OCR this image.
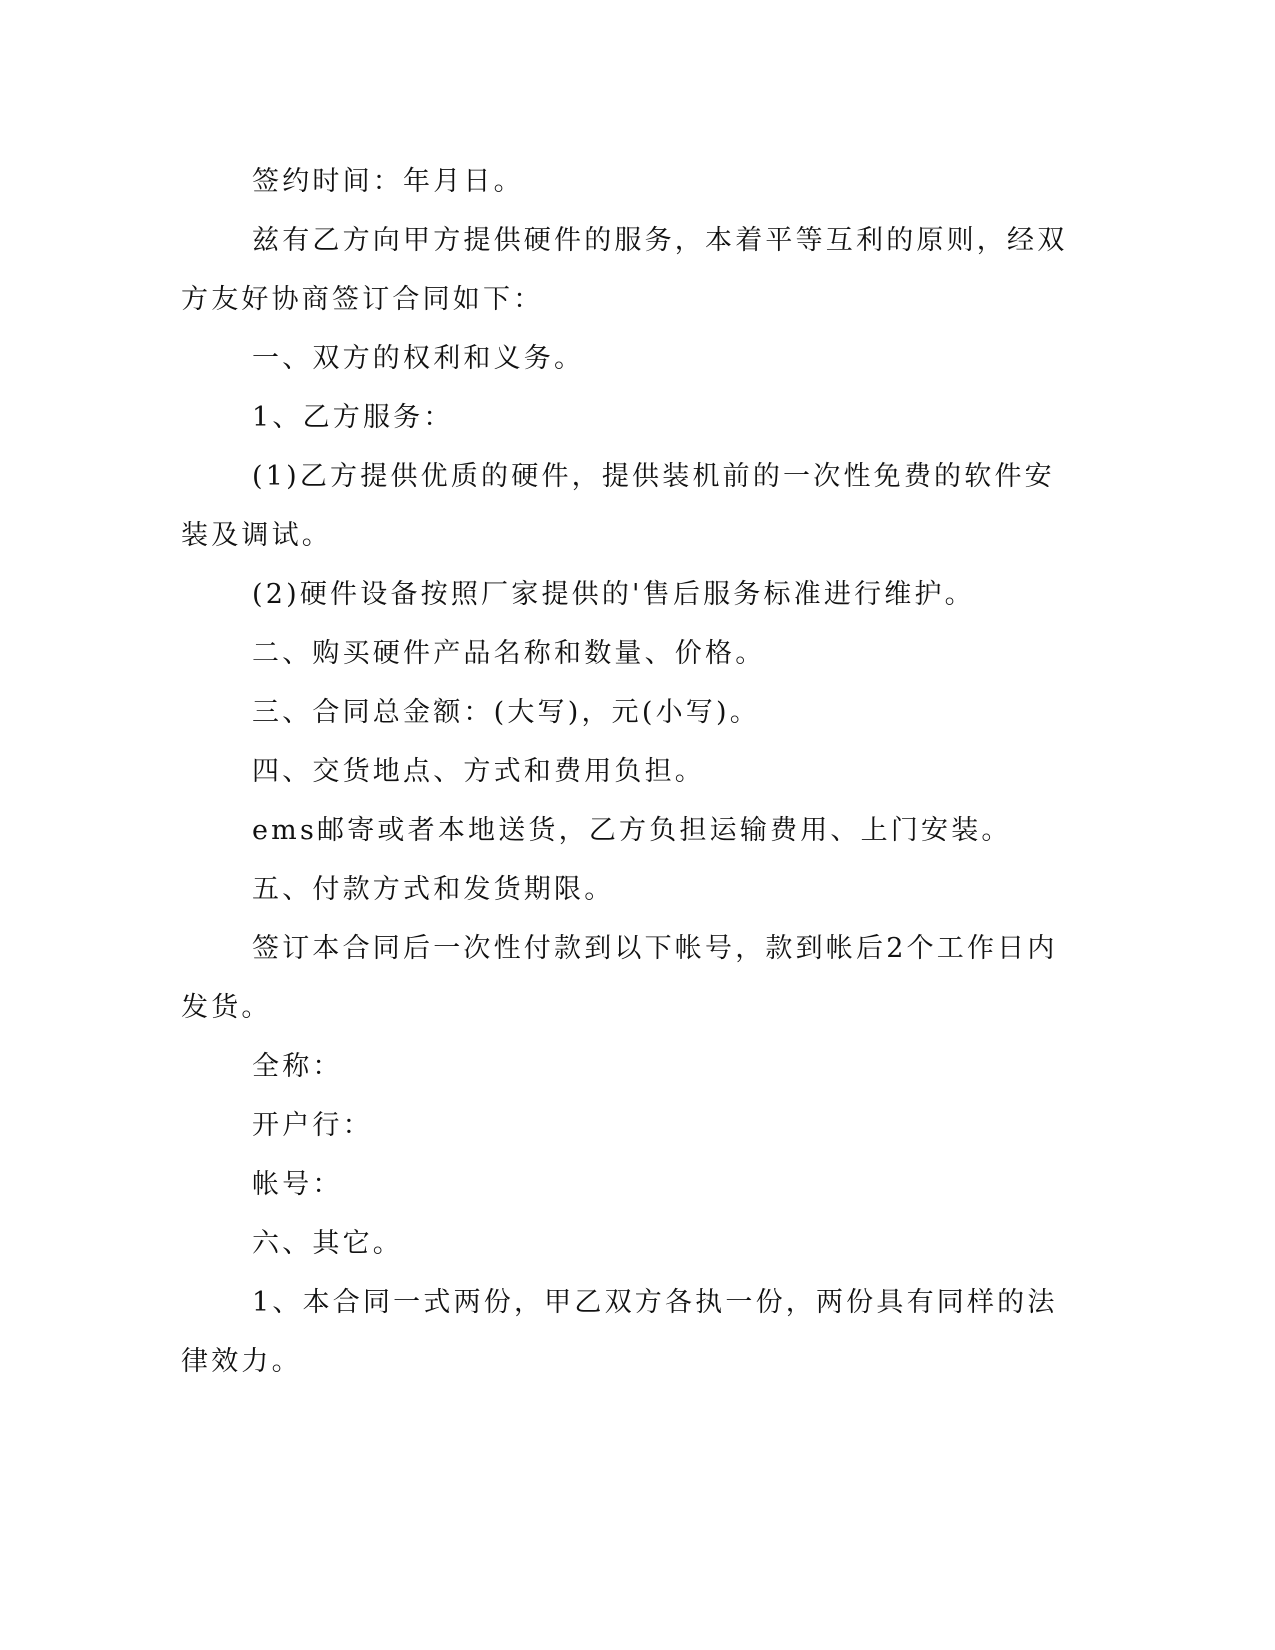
签约时间：年月日。

兹有乙方向甲方提供硬件的服务，本着平等互利的原则，经双方友好协商签订合同如下：

一、双方的权利和义务。

1、乙方服务：

(1)乙方提供优质的硬件，提供装机前的一次性免费的软件安装及调试。

(2)硬件设备按照厂家提供的'售后服务标准进行维护。

二、购买硬件产品名称和数量、价格。

三、合同总金额：(大写)，元(小写)。

四、交货地点、方式和费用负担。

ems邮寄或者本地送货，乙方负担运输费用、上门安装。

五、付款方式和发货期限。

签订本合同后一次性付款到以下帐号，款到帐后2个工作日内发货。

全称：

开户行：

帐号：

六、其它。

1、本合同一式两份，甲乙双方各执一份，两份具有同样的法律效力。
